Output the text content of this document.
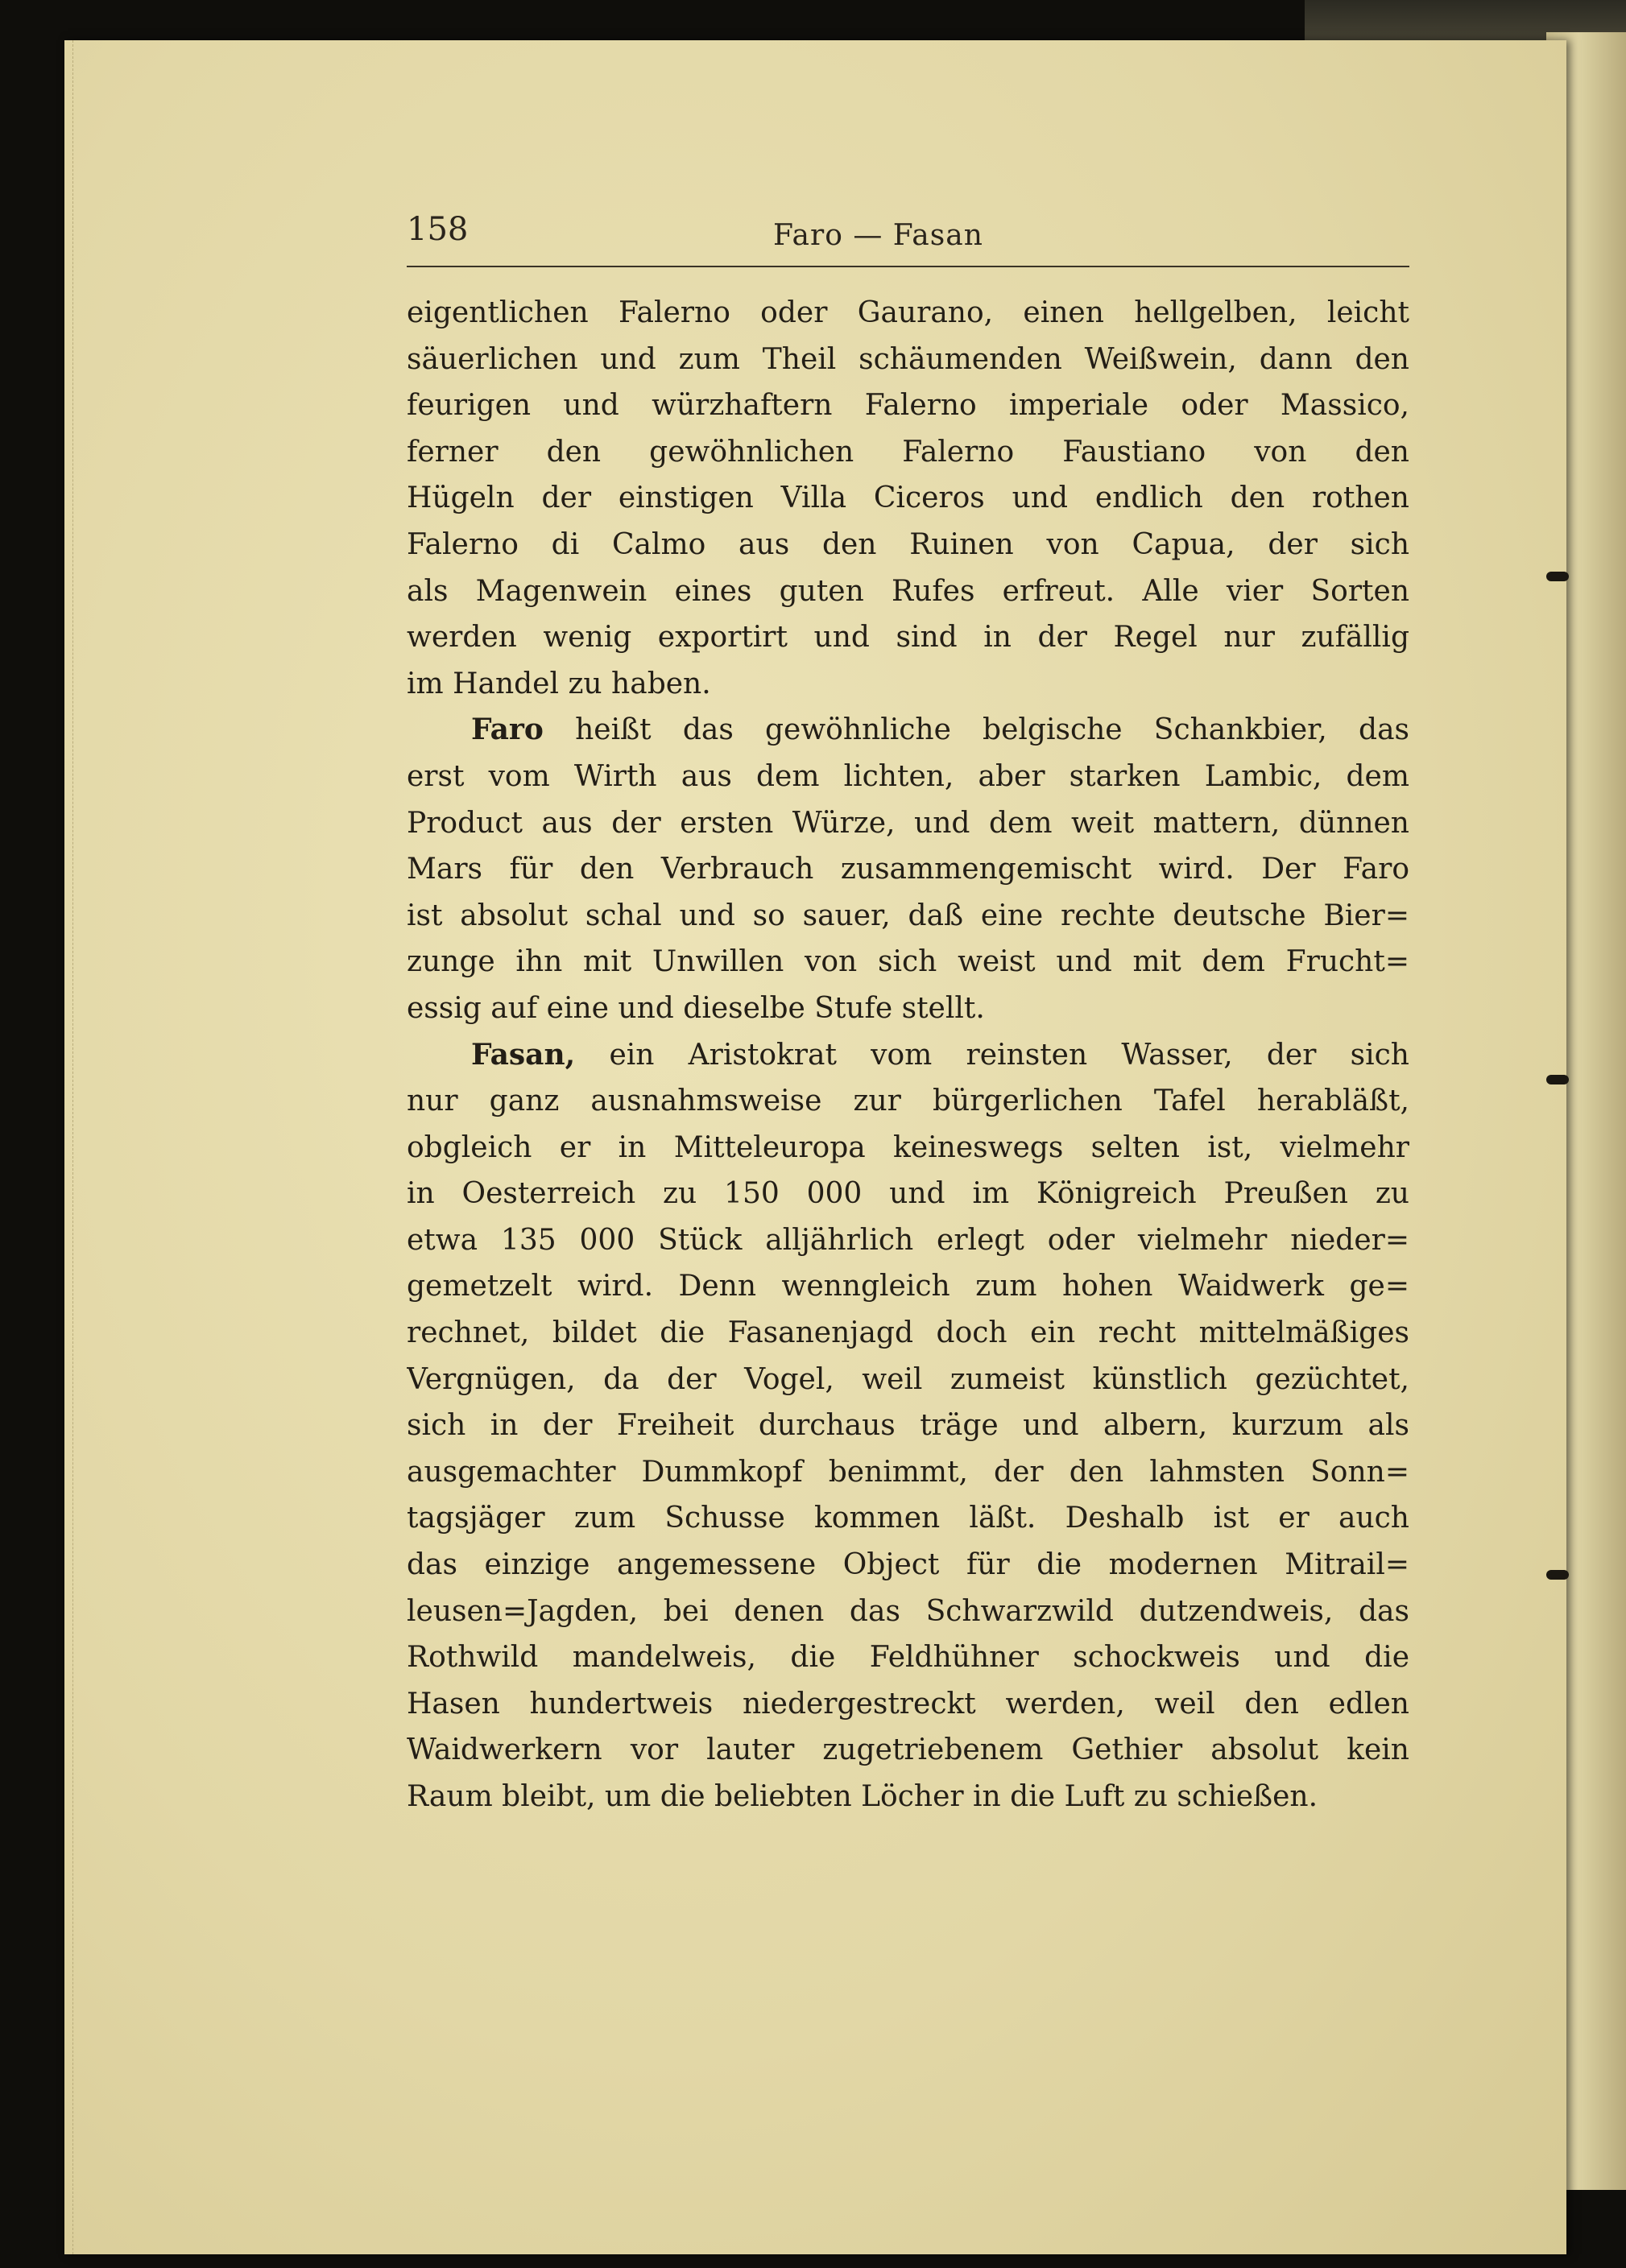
158	Faro — Fasan
eigentlichen Falerno oder Gaurano, einen hellgelben, leicht
säuerlichen und zum Theil schäumenden Weißwein, dann den
feurigen und würzhaftern Falerno imperiale oder Massico,
ferner den gewöhnlichen Falerno Faustiano von den
Hügeln der einstigen Villa Ciceros und endlich den rothen
Falerno di Calmo aus den Ruinen von Capua, der sich
als Magenwein eines guten Rufes erfreut. Alle vier Sorten
werden wenig exportirt und sind in der Regel nur zufällig
im Handel zu haben.
Faro heißt das gewöhnliche belgische Schankbier, das
erst vom Wirth aus dem lichten, aber starken Lambic, dem
Product aus der ersten Würze, und dem weit mattern, dünnen
Mars für den Verbrauch zusammengemischt wird. Der Faro
ist absolut schal und so sauer, daß eine rechte deutsche Bier=
zunge ihn mit Unwillen von sich weist und mit dem Frucht=
essig auf eine und dieselbe Stufe stellt.
Fasan, ein Aristokrat vom reinsten Wasser, der sich
nur ganz ausnahmsweise zur bürgerlichen Tafel herabläßt,
obgleich er in Mitteleuropa keineswegs selten ist, vielmehr
in Oesterreich zu 150 000 und im Königreich Preußen zu
etwa 135 000 Stück alljährlich erlegt oder vielmehr nieder=
gemetzelt wird. Denn wenngleich zum hohen Waidwerk ge=
rechnet, bildet die Fasanenjagd doch ein recht mittelmäßiges
Vergnügen, da der Vogel, weil zumeist künstlich gezüchtet,
sich in der Freiheit durchaus träge und albern, kurzum als
ausgemachter Dummkopf benimmt, der den lahmsten Sonn=
tagsjäger zum Schusse kommen läßt. Deshalb ist er auch
das einzige angemessene Object für die modernen Mitrail=
leusen=Jagden, bei denen das Schwarzwild dutzendweis, das
Rothwild mandelweis, die Feldhühner schockweis und die
Hasen hundertweis niedergestreckt werden, weil den edlen
Waidwerkern vor lauter zugetriebenem Gethier absolut kein
Raum bleibt, um die beliebten Löcher in die Luft zu schießen.
